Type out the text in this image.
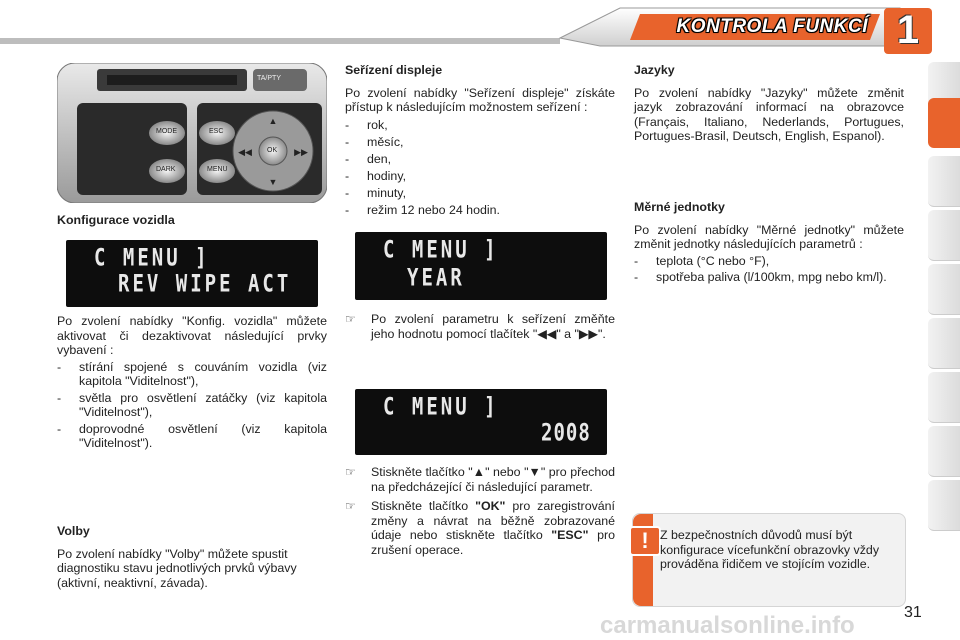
KONTROLA FUNKCÍ 1
▲
▼
◀◀	▶▶
TA/PTY
MODE
DARK
ESC
MENU
OK
Konfigurace vozidla
C MENU ]
REV WIPE ACT

Po zvolení nabídky "Konfig. vozidla" můžete aktivovat či dezaktivovat následující prvky vybavení :

- stírání spojené s couváním vozidla (viz kapitola "Viditelnost"),
- světla pro osvětlení zatáčky (viz kapitola "Viditelnost"),
- doprovodné osvětlení (viz kapitola "Viditelnost").
Volby

Po zvolení nabídky "Volby" můžete spustit diagnostiku stavu jednotlivých prvků výbavy (aktivní, neaktivní, závada).

Seřízení displeje

Po zvolení nabídky "Seřízení displeje" získáte přístup k následujícím možnostem seřízení :

- rok,
- měsíc,
- den,
- hodiny,
- minuty,
- režim 12 nebo 24 hodin.
C MENU ]
YEAR
☞ Po zvolení parametru k seřízení změňte jeho hodnotu pomocí tlačítek "◀◀" a "▶▶".
C MENU ]
2008
☞ Stiskněte tlačítko "▲" nebo "▼" pro přechod na předcházející či následující parametr.
☞ Stiskněte tlačítko "OK" pro zaregistrování změny a návrat na běžně zobrazované údaje nebo stiskněte tlačítko "ESC" pro zrušení operace.
Jazyky

Po zvolení nabídky "Jazyky" můžete změnit jazyk zobrazování informací na obrazovce (Français, Italiano, Nederlands, Portugues, Portugues-Brasil, Deutsch, English, Espanol).

Měrné jednotky

Po zvolení nabídky "Měrné jednotky" můžete změnit jednotky následujících parametrů :

- teplota (°C nebo °F),
- spotřeba paliva (l/100km, mpg nebo km/l).
! Z bezpečnostních důvodů musí být konfigurace vícefunkční obrazovky vždy prováděna řidičem ve stojícím vozidle.
31
carmanualsonline.info
